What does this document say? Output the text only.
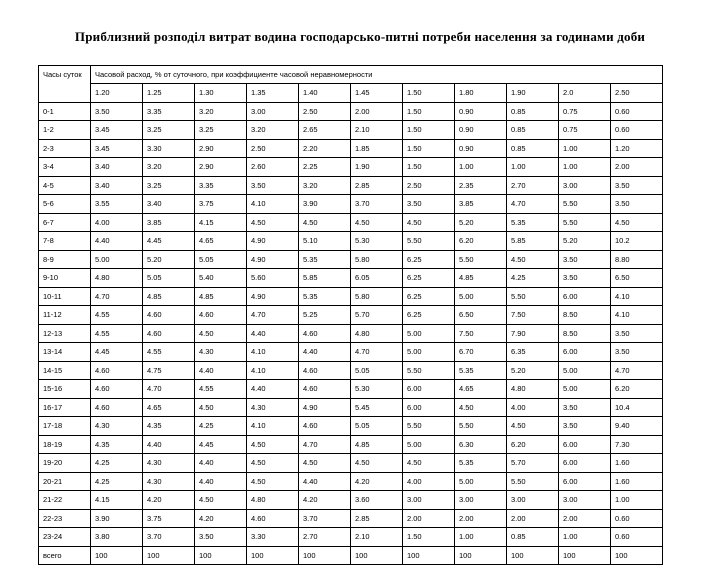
Приблизний розподіл витрат водина господарсько-питні потреби населення за годинами доби
Часы суток	Часовой расход, % от суточного, при коэффициенте часовой неравномерности										
	1.20	1.25	1.30	1.35	1.40	1.45	1.50	1.80	1.90	2.0	2.50
0-1	3.50	3.35	3.20	3.00	2.50	2.00	1.50	0.90	0.85	0.75	0.60
1-2	3.45	3.25	3.25	3.20	2.65	2.10	1.50	0.90	0.85	0.75	0.60
2-3	3.45	3.30	2.90	2.50	2.20	1.85	1.50	0.90	0.85	1.00	1.20
3-4	3.40	3.20	2.90	2.60	2.25	1.90	1.50	1.00	1.00	1.00	2.00
4-5	3.40	3.25	3.35	3.50	3.20	2.85	2.50	2.35	2.70	3.00	3.50
5-6	3.55	3.40	3.75	4.10	3.90	3.70	3.50	3.85	4.70	5.50	3.50
6-7	4.00	3.85	4.15	4.50	4.50	4.50	4.50	5.20	5.35	5.50	4.50
7-8	4.40	4.45	4.65	4.90	5.10	5.30	5.50	6.20	5.85	5.20	10.2
8-9	5.00	5.20	5.05	4.90	5.35	5.80	6.25	5.50	4.50	3.50	8.80
9-10	4.80	5.05	5.40	5.60	5.85	6.05	6.25	4.85	4.25	3.50	6.50
10-11	4.70	4.85	4.85	4.90	5.35	5.80	6.25	5.00	5.50	6.00	4.10
11-12	4.55	4.60	4.60	4.70	5.25	5.70	6.25	6.50	7.50	8.50	4.10
12-13	4.55	4.60	4.50	4.40	4.60	4.80	5.00	7.50	7.90	8.50	3.50
13-14	4.45	4.55	4.30	4.10	4.40	4.70	5.00	6.70	6.35	6.00	3.50
14-15	4.60	4.75	4.40	4.10	4.60	5.05	5.50	5.35	5.20	5.00	4.70
15-16	4.60	4.70	4.55	4.40	4.60	5.30	6.00	4.65	4.80	5.00	6.20
16-17	4.60	4.65	4.50	4.30	4.90	5.45	6.00	4.50	4.00	3.50	10.4
17-18	4.30	4.35	4.25	4.10	4.60	5.05	5.50	5.50	4.50	3.50	9.40
18-19	4.35	4.40	4.45	4.50	4.70	4.85	5.00	6.30	6.20	6.00	7.30
19-20	4.25	4.30	4.40	4.50	4.50	4.50	4.50	5.35	5.70	6.00	1.60
20-21	4.25	4.30	4.40	4.50	4.40	4.20	4.00	5.00	5.50	6.00	1.60
21-22	4.15	4.20	4.50	4.80	4.20	3.60	3.00	3.00	3.00	3.00	1.00
22-23	3.90	3.75	4.20	4.60	3.70	2.85	2.00	2.00	2.00	2.00	0.60
23-24	3.80	3.70	3.50	3.30	2.70	2.10	1.50	1.00	0.85	1.00	0.60
всего	100	100	100	100	100	100	100	100	100	100	100
